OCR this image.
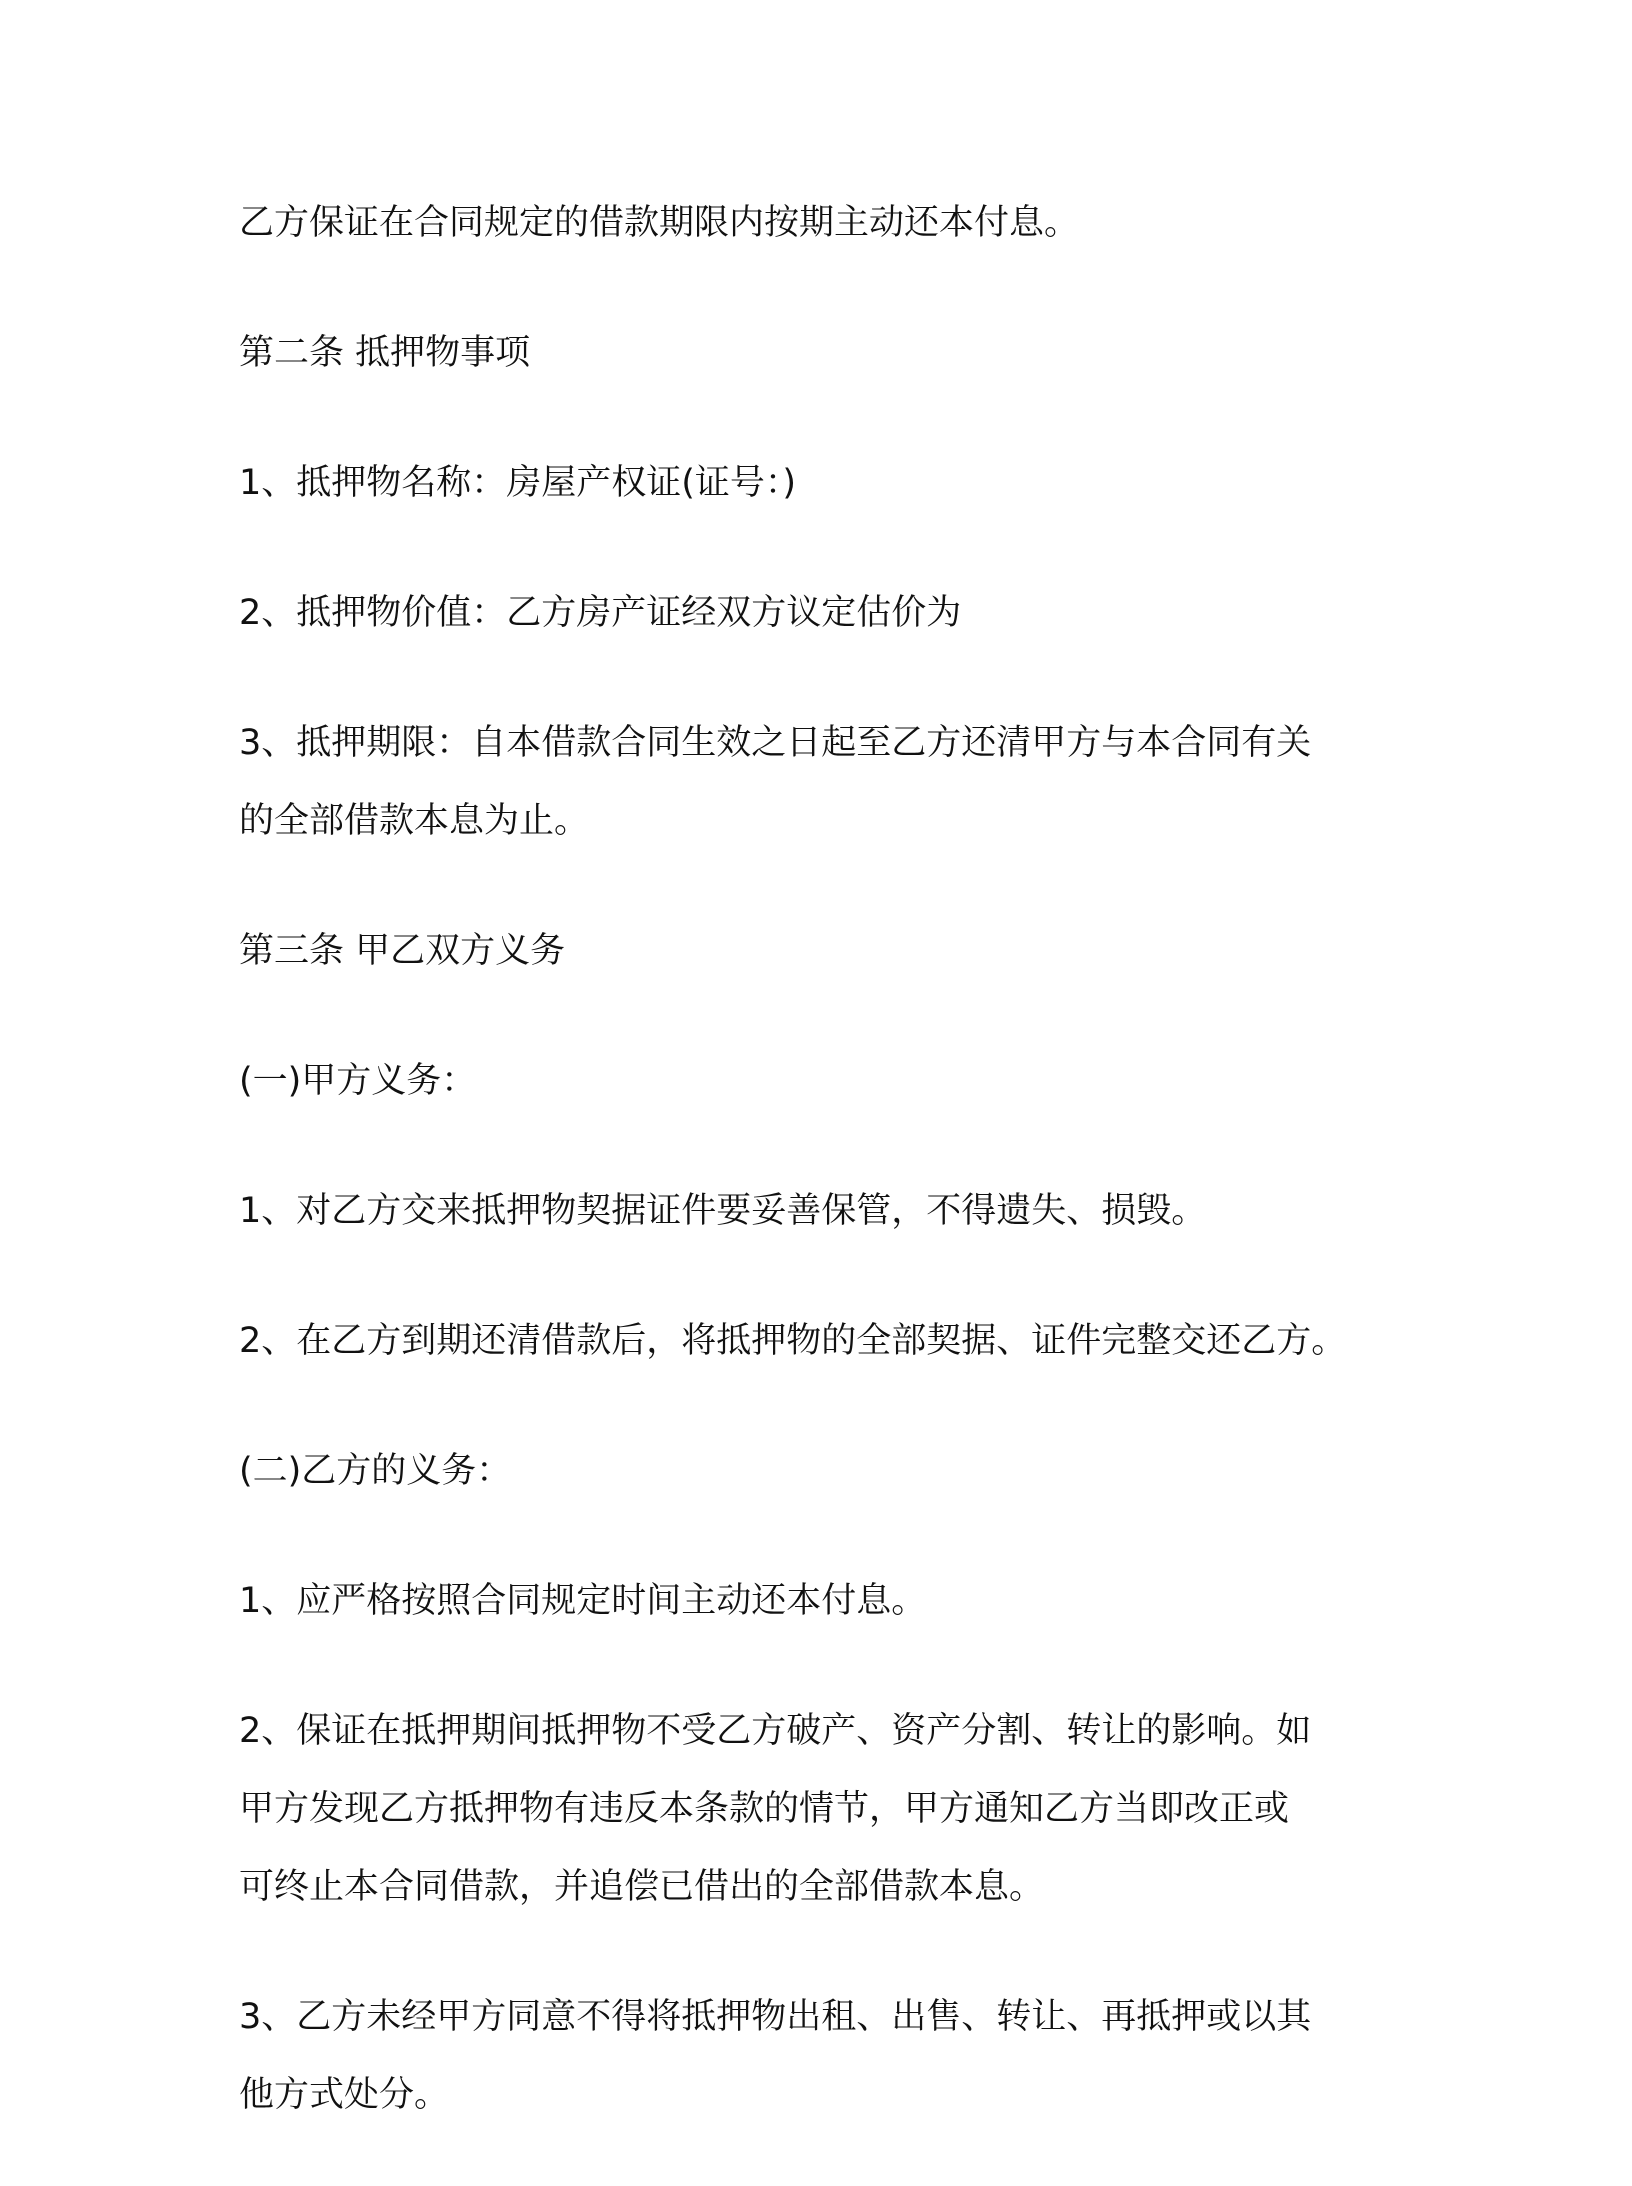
乙方保证在合同规定的借款期限内按期主动还本付息。

第二条 抵押物事项

1、抵押物名称：房屋产权证(证号：)

2、抵押物价值：乙方房产证经双方议定估价为

3、抵押期限：自本借款合同生效之日起至乙方还清甲方与本合同有关
的全部借款本息为止。

第三条 甲乙双方义务

(一)甲方义务：

1、对乙方交来抵押物契据证件要妥善保管，不得遗失、损毁。

2、在乙方到期还清借款后，将抵押物的全部契据、证件完整交还乙方。

(二)乙方的义务：

1、应严格按照合同规定时间主动还本付息。

2、保证在抵押期间抵押物不受乙方破产、资产分割、转让的影响。如
甲方发现乙方抵押物有违反本条款的情节，甲方通知乙方当即改正或
可终止本合同借款，并追偿已借出的全部借款本息。

3、乙方未经甲方同意不得将抵押物出租、出售、转让、再抵押或以其
他方式处分。
